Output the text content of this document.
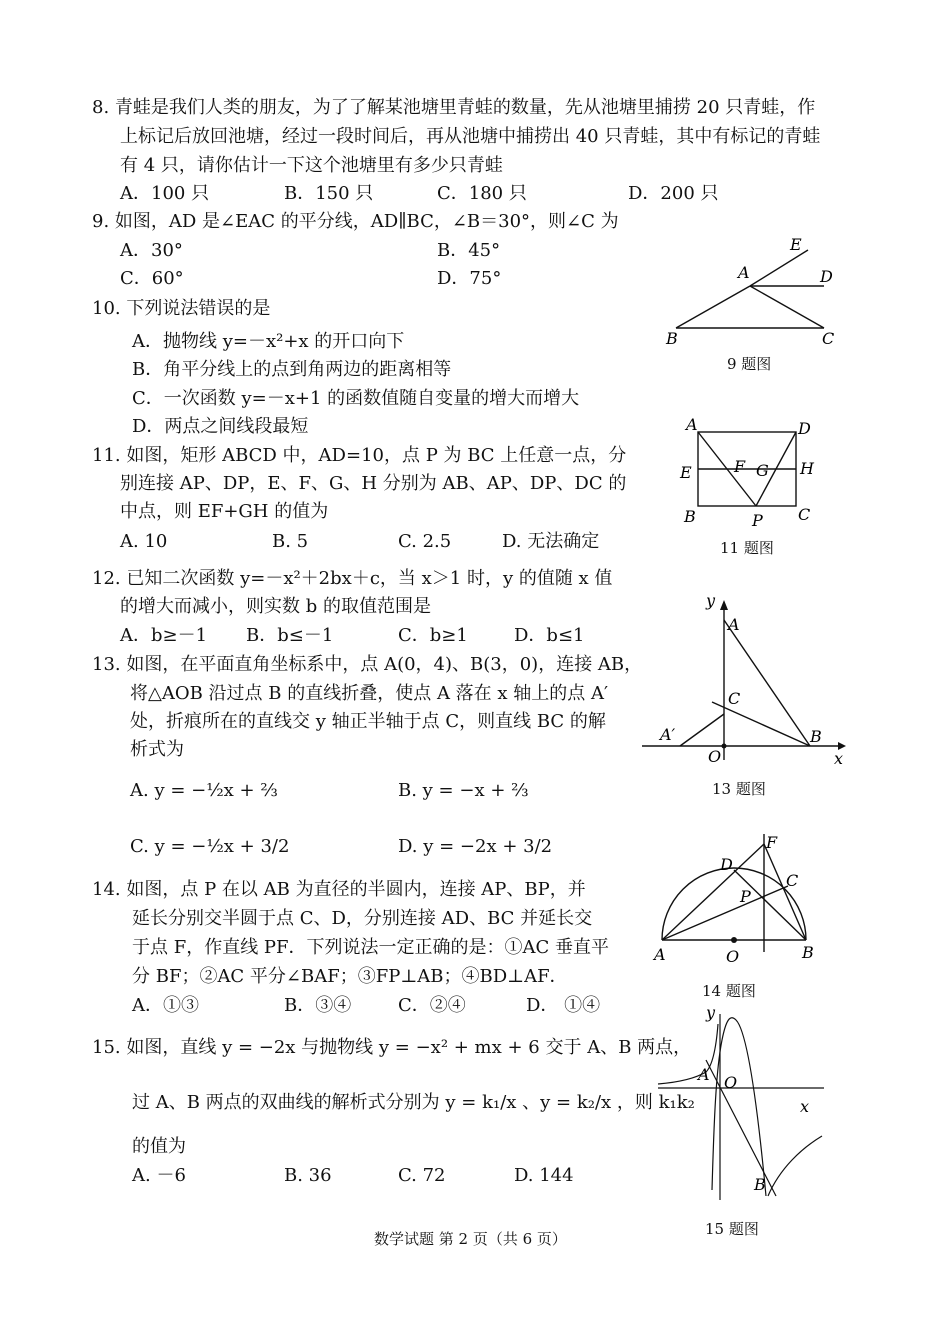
8. 青蛙是我们人类的朋友，为了了解某池塘里青蛙的数量，先从池塘里捕捞 20 只青蛙，作
上标记后放回池塘，经过一段时间后，再从池塘中捕捞出 40 只青蛙，其中有标记的青蛙
有 4 只，请你估计一下这个池塘里有多少只青蛙
A．100 只	B．150 只	C．180 只	D．200 只
9. 如图，AD 是∠EAC 的平分线，AD∥BC，∠B＝30°，则∠C 为
A．30°	B．45°
C．60°	D．75°
E
A	D
B	C
9 题图
10. 下列说法错误的是
A．抛物线 y=－x²+x 的开口向下
B．角平分线上的点到角两边的距离相等
C．一次函数 y=－x+1 的函数值随自变量的增大而增大
D．两点之间线段最短	A	D
E	F G H
B	P C
11 题图
11. 如图，矩形 ABCD 中，AD=10，点 P 为 BC 上任意一点，分
别连接 AP、DP，E、F、G、H 分别为 AB、AP、DP、DC 的
中点，则 EF+GH 的值为
A. 10	B. 5	C. 2.5	D. 无法确定
12. 已知二次函数 y=－x²＋2bx＋c，当 x＞1 时，y 的值随 x 值
的增大而减小，则实数 b 的取值范围是
A．b≥－1 B．b≤－1	C．b≥1	D．b≤1
13. 如图，在平面直角坐标系中，点 A(0，4)、B(3，0)，连接 AB，
将△AOB 沿过点 B 的直线折叠，使点 A 落在 x 轴上的点 A′
处，折痕所在的直线交 y 轴正半轴于点 C，则直线 BC 的解
析式为
A. y = −½x + ⅔	B. y = −x + ⅔
C. y = −½x + 3/2	D. y = −2x + 3/2
y
A
C
A′
O
B
x
13 题图
14. 如图，点 P 在以 AB 为直径的半圆内，连接 AP、BP，并
延长分别交半圆于点 C、D，分别连接 AD、BC 并延长交
于点 F，作直线 PF．下列说法一定正确的是：①AC 垂直平
分 BF；②AC 平分∠BAF；③FP⊥AB；④BD⊥AF．
A．①③	B．③④	C．②④	D． ①④
F
D
C
P
A	O	B
14 题图
15. 如图，直线 y = −2x 与抛物线 y = −x² + mx + 6 交于 A、B 两点，
过 A、B 两点的双曲线的解析式分别为 y = k₁/x 、y = k₂/x ，则 k₁k₂
的值为
A. －6	B. 36	C. 72	D. 144
y
A O
x
B
15 题图
数学试题 第 2 页（共 6 页）
